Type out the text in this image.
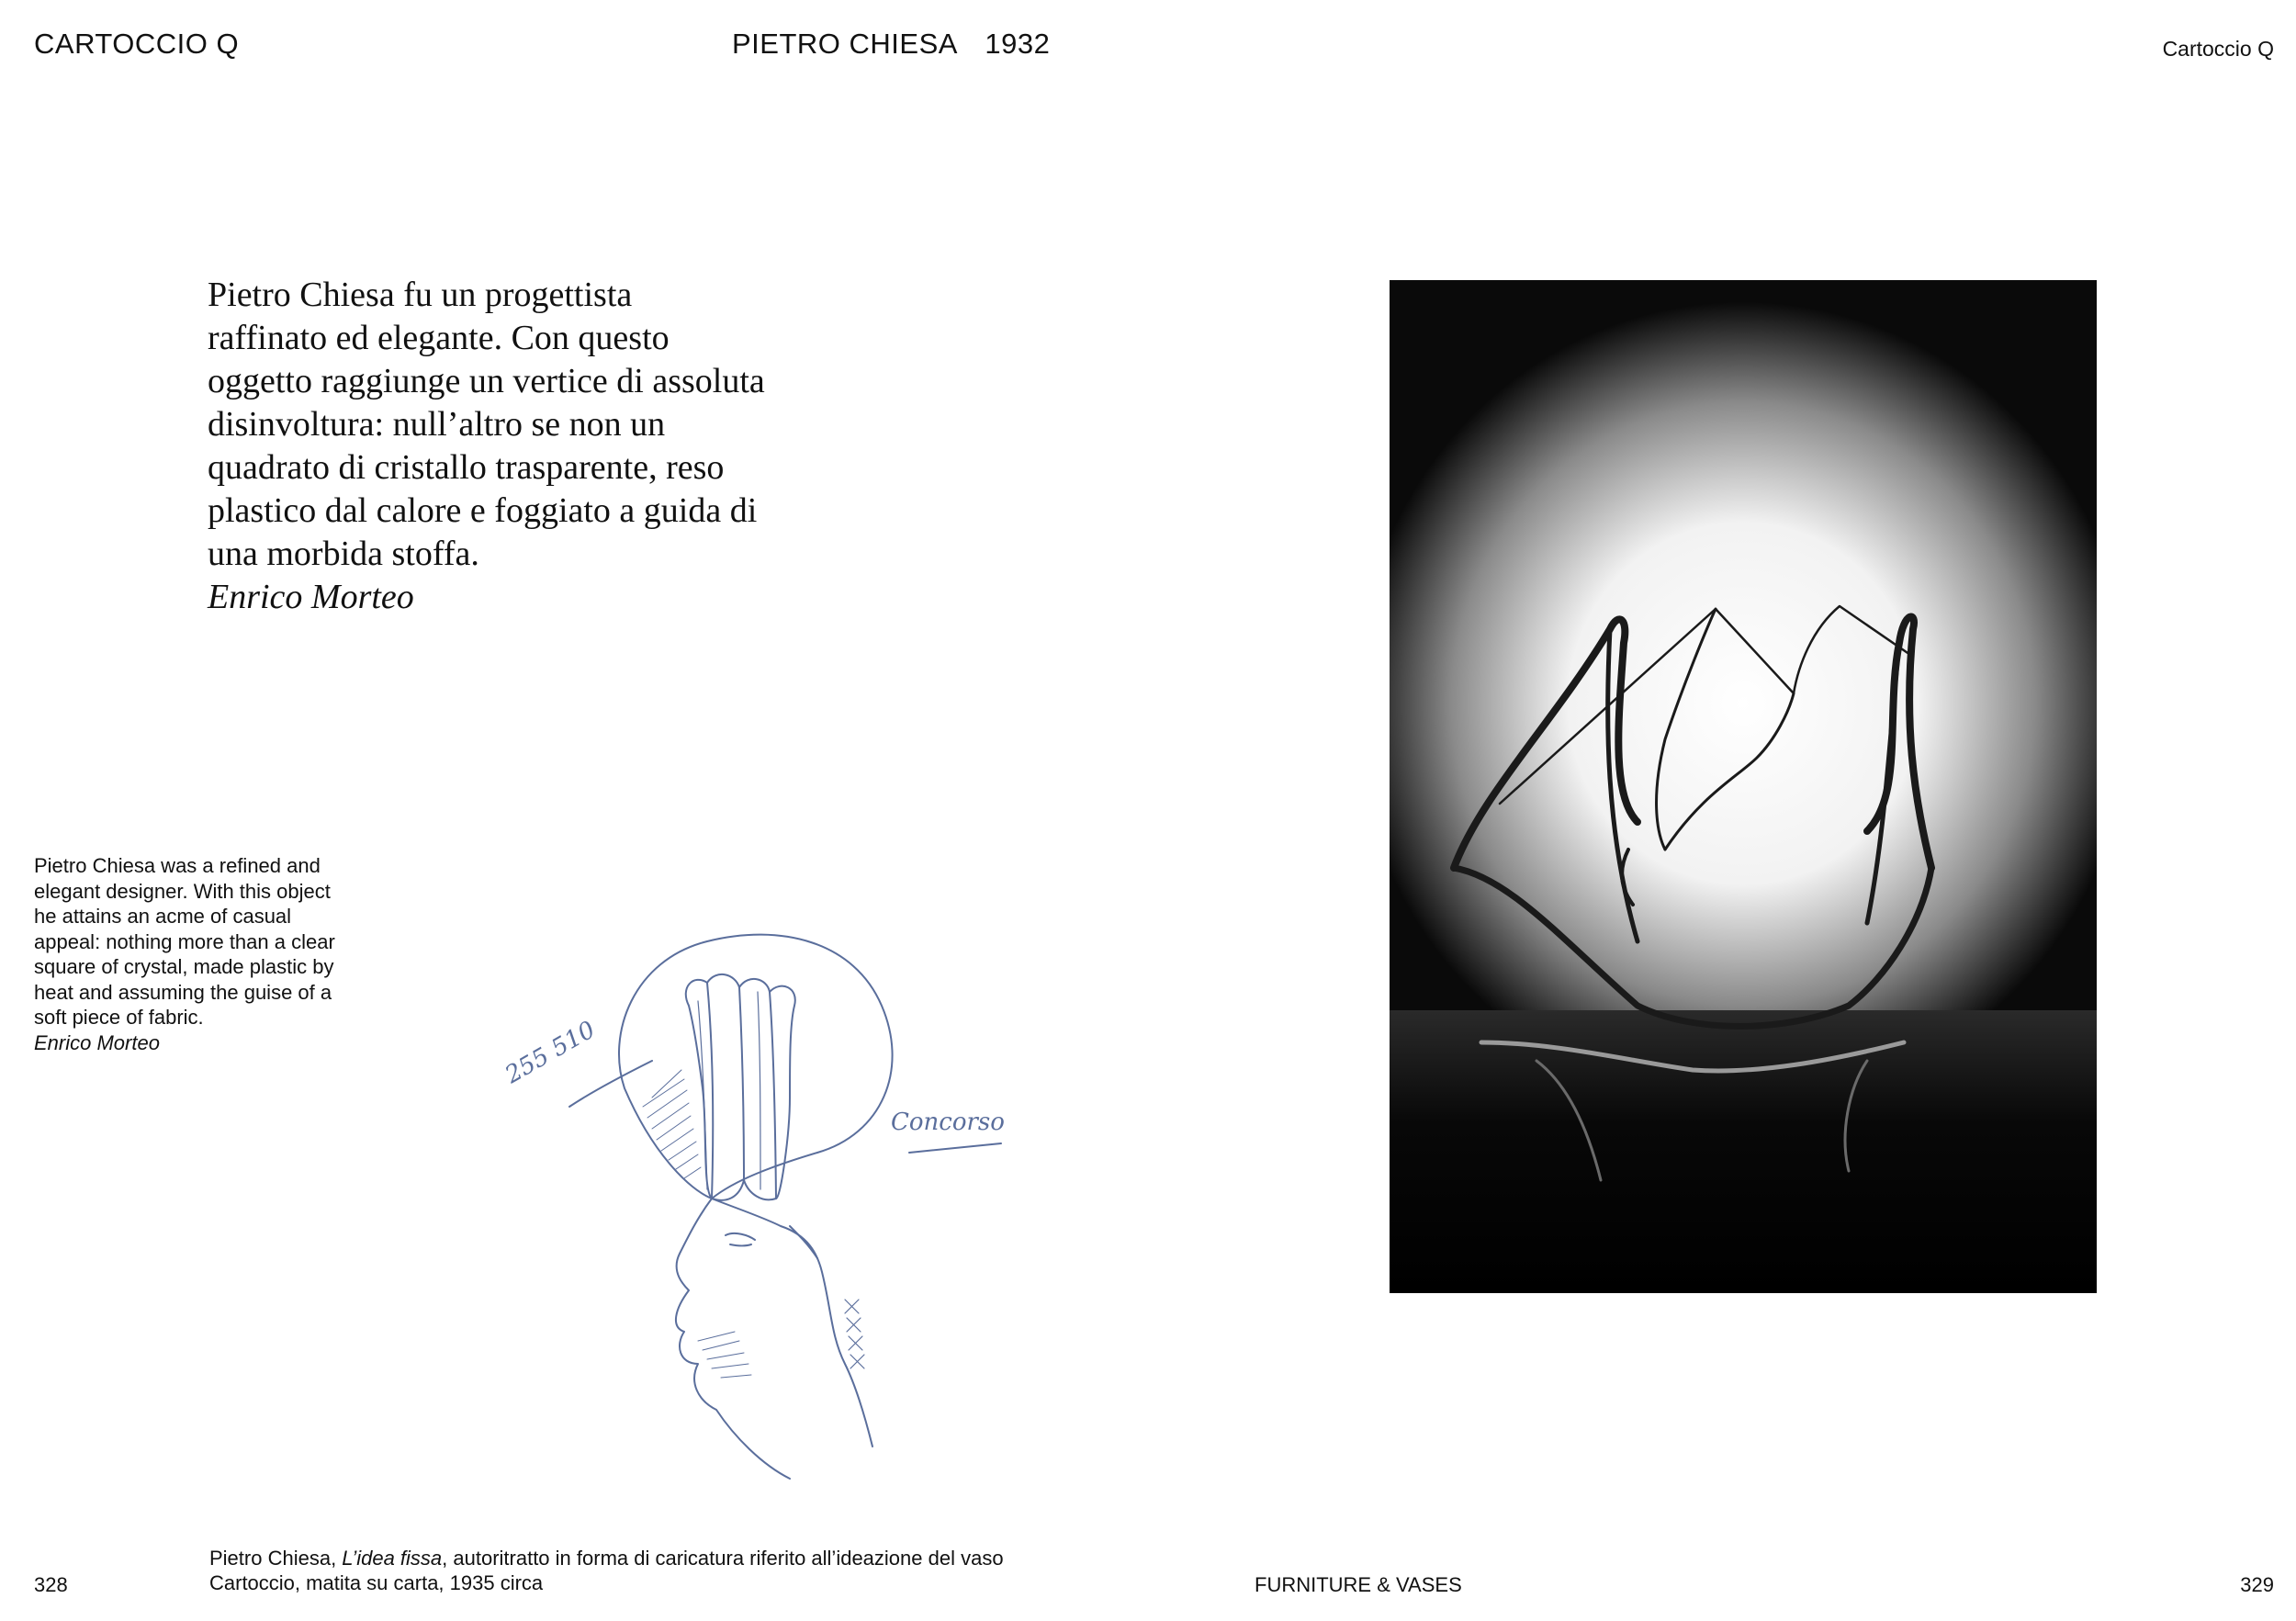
CARTOCCIO Q	PIETRO CHIESA 1932	Cartoccio Q
Pietro Chiesa fu un progettista
raffinato ed elegante. Con questo
oggetto raggiunge un vertice di assoluta
disinvoltura: null’altro se non un
quadrato di cristallo trasparente, reso
plastico dal calore e foggiato a guida di
una morbida stoffa.
Enrico Morteo
Pietro Chiesa was a refined and
elegant designer. With this object
he attains an acme of casual
appeal: nothing more than a clear
square of crystal, made plastic by
heat and assuming the guise of a
soft piece of fabric.
Enrico Morteo	255 510
Concorso
Pietro Chiesa, L’idea fissa, autoritratto in forma di caricatura riferito all’ideazione del vaso
Cartoccio, matita su carta, 1935 circa
328	FURNITURE & VASES	329
